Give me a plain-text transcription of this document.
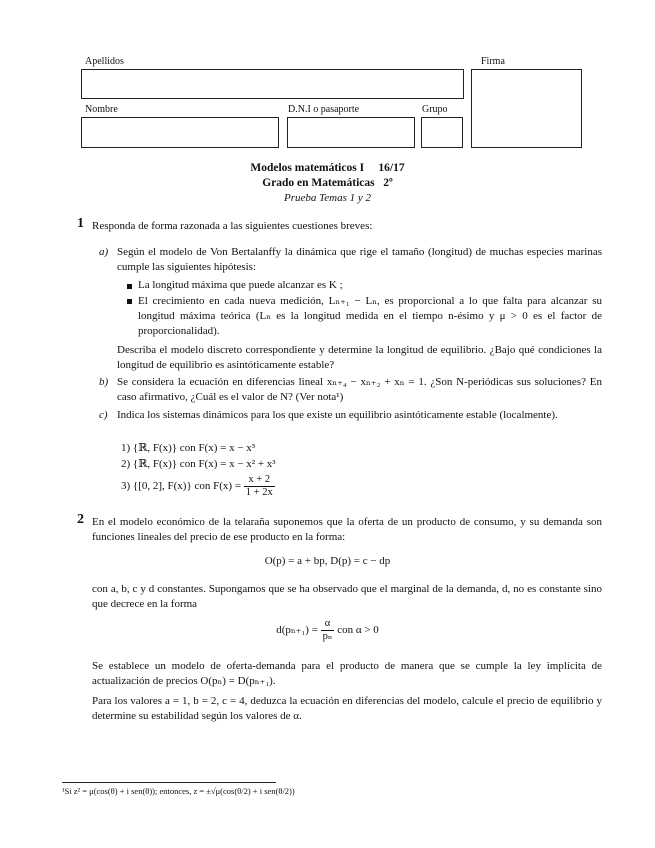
Apellidos	Firma
Nombre	D.N.I o pasaporte	Grupo
Modelos matemáticos I     16/17
Grado en Matemáticas   2º
Prueba Temas 1 y 2
1 Responda de forma razonada a las siguientes cuestiones breves:
a) Según el modelo de Von Bertalanffy la dinámica que rige el tamaño (longitud) de muchas especies marinas cumple las siguientes hipótesis:
La longitud máxima que puede alcanzar es K ;
El crecimiento en cada nueva medición, Lₙ₊₁ − Lₙ, es proporcional a lo que falta para alcanzar su longitud máxima teórica (Lₙ es la longitud medida en el tiempo n-ésimo y μ > 0 es el factor de proporcionalidad).
Describa el modelo discreto correspondiente y determine la longitud de equilibrio. ¿Bajo qué condiciones la longitud de equilibrio es asintóticamente estable?
b) Se considera la ecuación en diferencias lineal xₙ₊₄ − xₙ₊₂ + xₙ = 1. ¿Son N-periódicas sus soluciones? En caso afirmativo, ¿Cuál es el valor de N? (Ver nota¹)
c) Indica los sistemas dinámicos para los que existe un equilibrio asintóticamente estable (localmente).
1) {ℝ, F(x)} con F(x) = x − x³
2) {ℝ, F(x)} con F(x) = x − x² + x³
3) {[0, 2], F(x)} con $F(x) = \frac{x + 2}{1 + 2x}$
2 En el modelo económico de la telaraña suponemos que la oferta de un producto de consumo, y su demanda son funciones lineales del precio de ese producto en la forma:
O(p) = a + bp, D(p) = c − dp
con a, b, c y d constantes. Supongamos que se ha observado que el marginal de la demanda, d, no es constante sino que decrece en la forma
$d(p_{n+1}) = \frac{\alpha}{\text{pₙ}}$ con α > 0
Se establece un modelo de oferta-demanda para el producto de manera que se cumple la ley implícita de actualización de precios O(pₙ) = D(pₙ₊₁).
Para los valores a = 1, b = 2, c = 4, deduzca la ecuación en diferencias del modelo, calcule el precio de equilibrio y determine su estabilidad según los valores de α.
¹Si z² = μ(cos(θ) + i sen(θ)); entonces, z = ±√μ(cos(θ/2) + i sen(θ/2))
